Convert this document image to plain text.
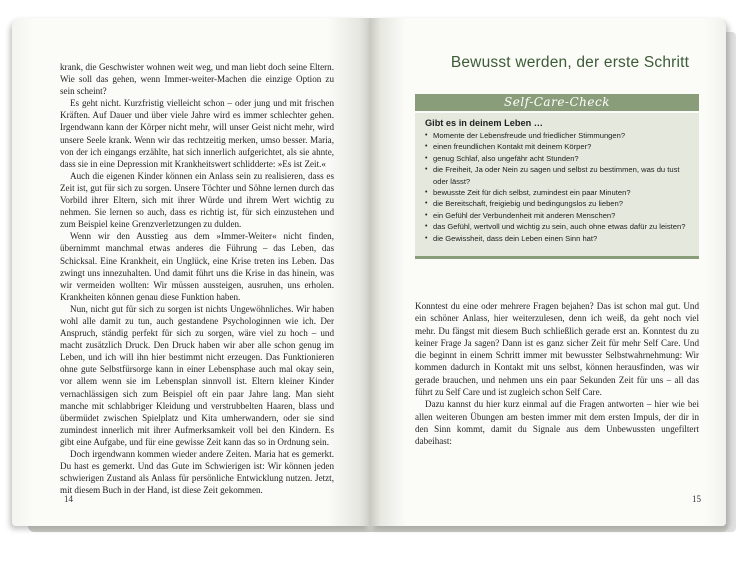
krank, die Geschwister wohnen weit weg, und man liebt doch seine Eltern. Wie soll das gehen, wenn Immer-weiter-Machen die einzige Option zu sein scheint?

Es geht nicht. Kurzfristig vielleicht schon – oder jung und mit frischen Kräften. Auf Dauer und über viele Jahre wird es immer schlechter gehen. Irgendwann kann der Körper nicht mehr, will unser Geist nicht mehr, wird unsere Seele krank. Wenn wir das rechtzeitig merken, umso besser. Maria, von der ich eingangs erzählte, hat sich innerlich aufgerichtet, als sie ahnte, dass sie in eine Depression mit Krankheitswert schlidderte: »Es ist Zeit.«

Auch die eigenen Kinder können ein Anlass sein zu realisieren, dass es Zeit ist, gut für sich zu sorgen. Unsere Töchter und Söhne lernen durch das Vorbild ihrer Eltern, sich mit ihrer Würde und ihrem Wert wichtig zu nehmen. Sie lernen so auch, dass es richtig ist, für sich einzustehen und zum Beispiel keine Grenzverletzungen zu dulden.

Wenn wir den Ausstieg aus dem »Immer-Weiter« nicht finden, übernimmt manchmal etwas anderes die Führung – das Leben, das Schicksal. Eine Krankheit, ein Unglück, eine Krise treten ins Leben. Das zwingt uns innezuhalten. Und damit führt uns die Krise in das hinein, was wir vermeiden wollten: Wir müssen aussteigen, ausruhen, uns erholen. Krankheiten können genau diese Funktion haben.

Nun, nicht gut für sich zu sorgen ist nichts Ungewöhnliches. Wir haben wohl alle damit zu tun, auch gestandene Psychologinnen wie ich. Der Anspruch, ständig perfekt für sich zu sorgen, wäre viel zu hoch – und macht zusätzlich Druck. Den Druck haben wir aber alle schon genug im Leben, und ich will ihn hier bestimmt nicht erzeugen. Das Funktionieren ohne gute Selbstfürsorge kann in einer Lebensphase auch mal okay sein, vor allem wenn sie im Lebensplan sinnvoll ist. Eltern kleiner Kinder vernachlässigen sich zum Beispiel oft ein paar Jahre lang. Man sieht manche mit schlabbriger Kleidung und verstrubbelten Haaren, blass und übermüdet zwischen Spielplatz und Kita umherwandern, oder sie sind zumindest innerlich mit ihrer Aufmerksamkeit voll bei den Kindern. Es gibt eine Aufgabe, und für eine gewisse Zeit kann das so in Ordnung sein.

Doch irgendwann kommen wieder andere Zeiten. Maria hat es gemerkt. Du hast es gemerkt. Und das Gute im Schwierigen ist: Wir können jeden schwierigen Zustand als Anlass für persönliche Entwicklung nutzen. Jetzt, mit diesem Buch in der Hand, ist diese Zeit gekommen.

14
Bewusst werden, der erste Schritt
Self-Care-Check
Gibt es in deinem Leben …
• Momente der Lebensfreude und friedlicher Stimmungen?
• einen freundlichen Kontakt mit deinem Körper?
• genug Schlaf, also ungefähr acht Stunden?
• die Freiheit, Ja oder Nein zu sagen und selbst zu bestimmen, was du tust oder lässt?
• bewusste Zeit für dich selbst, zumindest ein paar Minuten?
• die Bereitschaft, freigiebig und bedingungslos zu lieben?
• ein Gefühl der Verbundenheit mit anderen Menschen?
• das Gefühl, wertvoll und wichtig zu sein, auch ohne etwas dafür zu leisten?
• die Gewissheit, dass dein Leben einen Sinn hat?

Konntest du eine oder mehrere Fragen bejahen? Das ist schon mal gut. Und ein schöner Anlass, hier weiterzulesen, denn ich weiß, da geht noch viel mehr. Du fängst mit diesem Buch schließlich gerade erst an. Konntest du zu keiner Frage Ja sagen? Dann ist es ganz sicher Zeit für mehr Self Care. Und die beginnt in einem Schritt immer mit bewusster Selbstwahrnehmung: Wir kommen dadurch in Kontakt mit uns selbst, können herausfinden, was wir gerade brauchen, und nehmen uns ein paar Sekunden Zeit für uns – all das führt zu Self Care und ist zugleich schon Self Care.

Dazu kannst du hier kurz einmal auf die Fragen antworten – hier wie bei allen weiteren Übungen am besten immer mit dem ersten Impuls, der dir in den Sinn kommt, damit du Signale aus dem Unbewussten ungefiltert dabeihast:

15
